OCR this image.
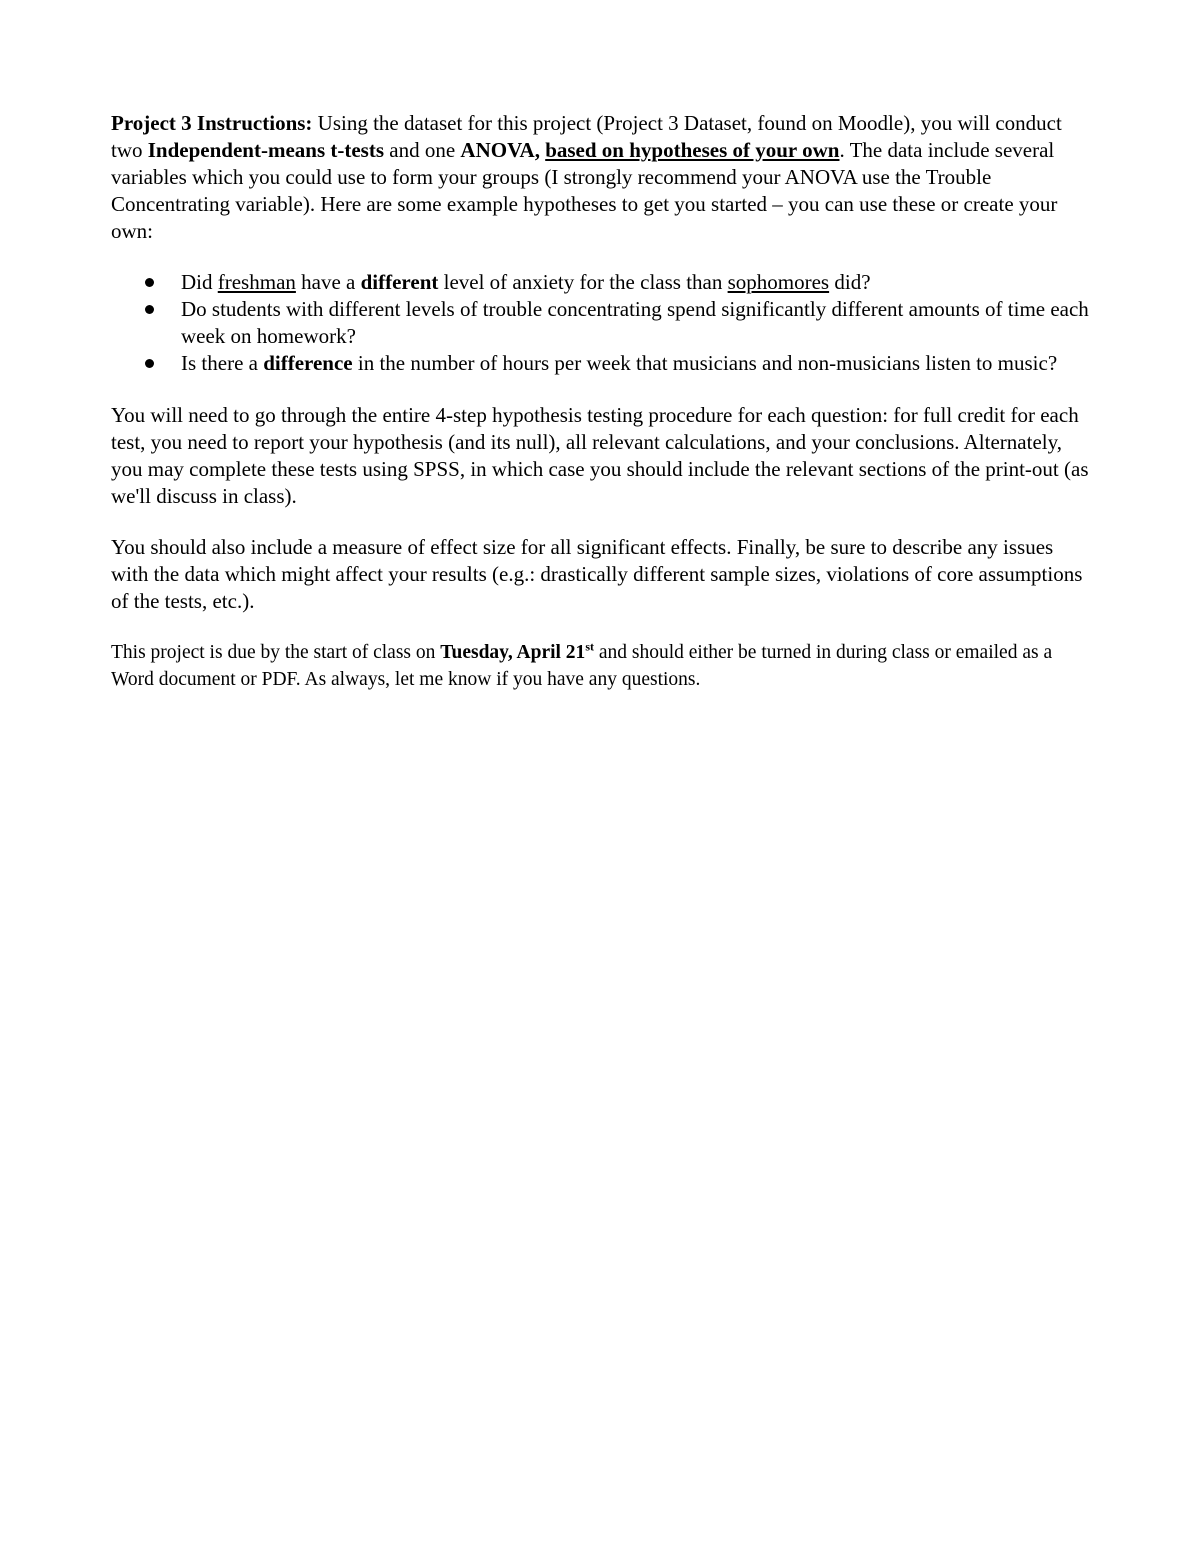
Project 3 Instructions: Using the dataset for this project (Project 3 Dataset, found on Moodle), you will conduct two Independent-means t-tests and one ANOVA, based on hypotheses of your own. The data include several variables which you could use to form your groups (I strongly recommend your ANOVA use the Trouble Concentrating variable). Here are some example hypotheses to get you started – you can use these or create your own:

Did freshman have a different level of anxiety for the class than sophomores did?
Do students with different levels of trouble concentrating spend significantly different amounts of time each week on homework?
Is there a difference in the number of hours per week that musicians and non-musicians listen to music?

You will need to go through the entire 4-step hypothesis testing procedure for each question: for full credit for each test, you need to report your hypothesis (and its null), all relevant calculations, and your conclusions. Alternately, you may complete these tests using SPSS, in which case you should include the relevant sections of the print-out (as we'll discuss in class).

You should also include a measure of effect size for all significant effects. Finally, be sure to describe any issues with the data which might affect your results (e.g.: drastically different sample sizes, violations of core assumptions of the tests, etc.).

This project is due by the start of class on Tuesday, April 21st and should either be turned in during class or emailed as a Word document or PDF. As always, let me know if you have any questions.
